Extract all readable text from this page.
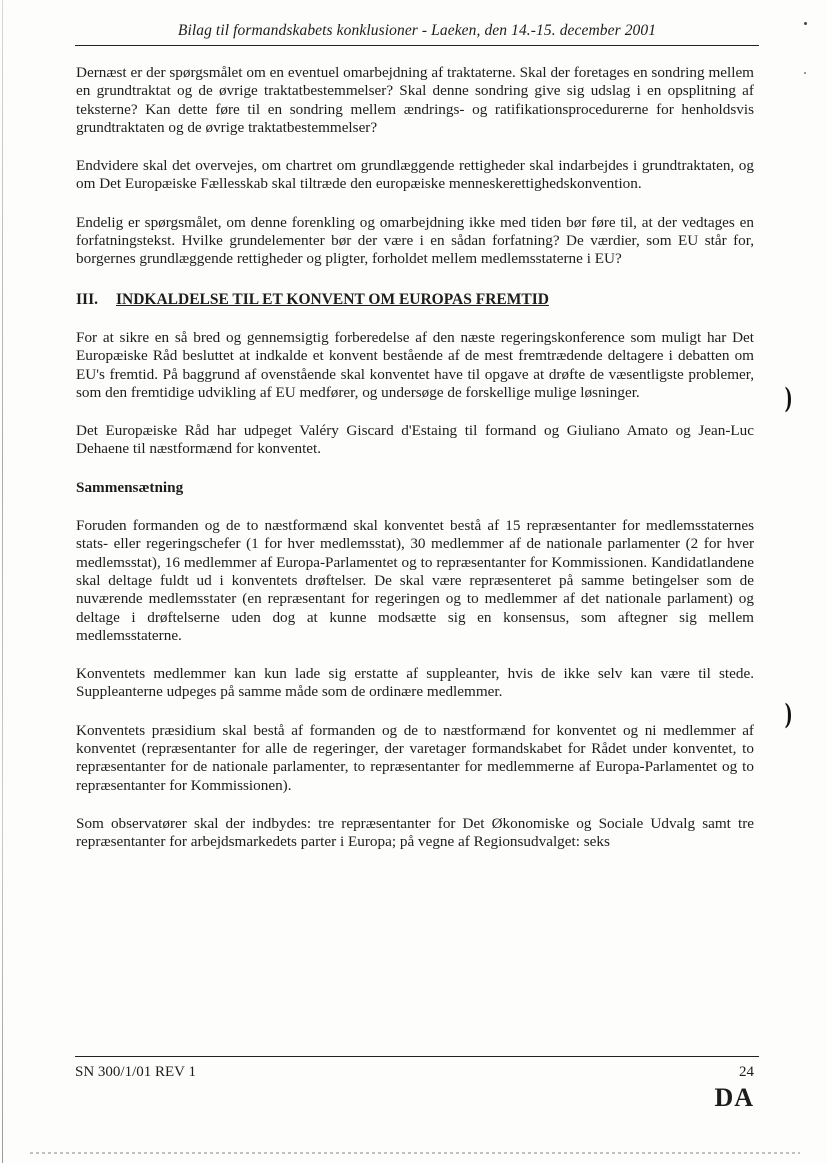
Bilag til formandskabets konklusioner - Laeken, den 14.-15. december 2001

Dernæst er der spørgsmålet om en eventuel omarbejdning af traktaterne. Skal der foretages en sondring mellem en grundtraktat og de øvrige traktatbestemmelser? Skal denne sondring give sig udslag i en opsplitning af teksterne? Kan dette føre til en sondring mellem ændrings- og ratifikationsprocedurerne for henholdsvis grundtraktaten og de øvrige traktatbestemmelser?

Endvidere skal det overvejes, om chartret om grundlæggende rettigheder skal indarbejdes i grundtraktaten, og om Det Europæiske Fællesskab skal tiltræde den europæiske menneskerettighedskonvention.

Endelig er spørgsmålet, om denne forenkling og omarbejdning ikke med tiden bør føre til, at der vedtages en forfatningstekst. Hvilke grundelementer bør der være i en sådan forfatning? De værdier, som EU står for, borgernes grundlæggende rettigheder og pligter, forholdet mellem medlemsstaterne i EU?

III. INDKALDELSE TIL ET KONVENT OM EUROPAS FREMTID

For at sikre en så bred og gennemsigtig forberedelse af den næste regeringskonference som muligt har Det Europæiske Råd besluttet at indkalde et konvent bestående af de mest fremtrædende deltagere i debatten om EU's fremtid. På baggrund af ovenstående skal konventet have til opgave at drøfte de væsentligste problemer, som den fremtidige udvikling af EU medfører, og undersøge de forskellige mulige løsninger.

Det Europæiske Råd har udpeget Valéry Giscard d'Estaing til formand og Giuliano Amato og Jean-Luc Dehaene til næstformænd for konventet.

Sammensætning

Foruden formanden og de to næstformænd skal konventet bestå af 15 repræsentanter for medlemsstaternes stats- eller regeringschefer (1 for hver medlemsstat), 30 medlemmer af de nationale parlamenter (2 for hver medlemsstat), 16 medlemmer af Europa-Parlamentet og to repræsentanter for Kommissionen. Kandidatlandene skal deltage fuldt ud i konventets drøftelser. De skal være repræsenteret på samme betingelser som de nuværende medlemsstater (en repræsentant for regeringen og to medlemmer af det nationale parlament) og deltage i drøftelserne uden dog at kunne modsætte sig en konsensus, som aftegner sig mellem medlemsstaterne.

Konventets medlemmer kan kun lade sig erstatte af suppleanter, hvis de ikke selv kan være til stede. Suppleanterne udpeges på samme måde som de ordinære medlemmer.

Konventets præsidium skal bestå af formanden og de to næstformænd for konventet og ni medlemmer af konventet (repræsentanter for alle de regeringer, der varetager formandskabet for Rådet under konventet, to repræsentanter for de nationale parlamenter, to repræsentanter for medlemmerne af Europa-Parlamentet og to repræsentanter for Kommissionen).

Som observatører skal der indbydes: tre repræsentanter for Det Økonomiske og Sociale Udvalg samt tre repræsentanter for arbejdsmarkedets parter i Europa; på vegne af Regionsudvalget: seks

)
)
SN 300/1/01 REV 1	24
DA
